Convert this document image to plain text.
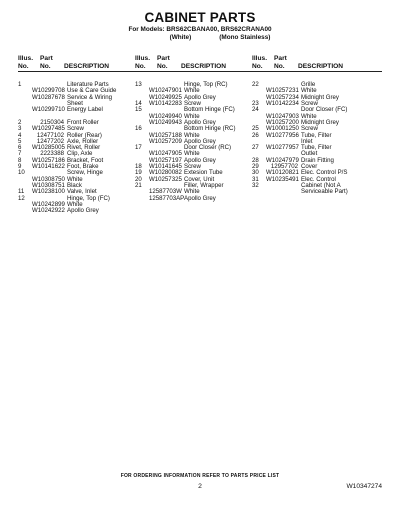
CABINET PARTS
For Models: BRS62CBANA00, BRS62CRANA00
(White)	(Mono Stainless)
Illus.
No.
Part
No.	DESCRIPTION
1	Literature Parts
W10299708 Use & Care Guide
W10287678 Service & Wiring
Sheet
W10299710 Energy Label

2	2150304 Front Roller
3	W10297485 Screw
4	12477102 Roller (Rear)
5	12477202 Axle, Roller
6	W10285005 Rivet, Roller
7	2223388 Clip, Axle
8	W10257186 Bracket, Foot
9	W10141622 Foot, Brake
10	Screw, Hinge
W10308750 White
W10308751 Black
11	W10238100 Valve, Inlet
12	Hinge, Top (FC)
W10242899 White
W10242922 Apollo Grey
Illus.
No.
Part
No.	DESCRIPTION
13	Hinge, Top (RC)
W10247901 White
W10249925 Apollo Grey
14	W10142283 Screw
15	Bottom Hinge (FC)
W10249940 White
W10249943 Apollo Grey
16	Bottom Hinge (RC)
W10257188 White
W10257209 Apollo Grey
17	Door Closer (RC)
W10247905 White
W10257197 Apollo Grey
18	W10141645 Screw
19	W10280082 Extesion Tube
20	W10257325 Cover, Unit
21	Filler, Wrapper
12587703W White
12587703AP Apollo Grey
Illus.
No.
Part
No.	DESCRIPTION
22	Grille
W10257231 White
W10257234 Midnight Grey
23	W10142234 Screw
24	Door Closer (FC)
W10247903 White
W10257200 Midnight Grey
25	W10001250 Screw
26	W10277956 Tube, Filter
Inlet
27	W10277957 Tube, Filter
Outlet
28	W10247979 Drain Fitting
29	12957702 Cover
30	W10120821 Elec. Control P/S
31	W10235491 Elec. Control
32	Cabinet (Not A
Serviceable Part)
FOR ORDERING INFORMATION REFER TO PARTS PRICE LIST
2	W10347274
